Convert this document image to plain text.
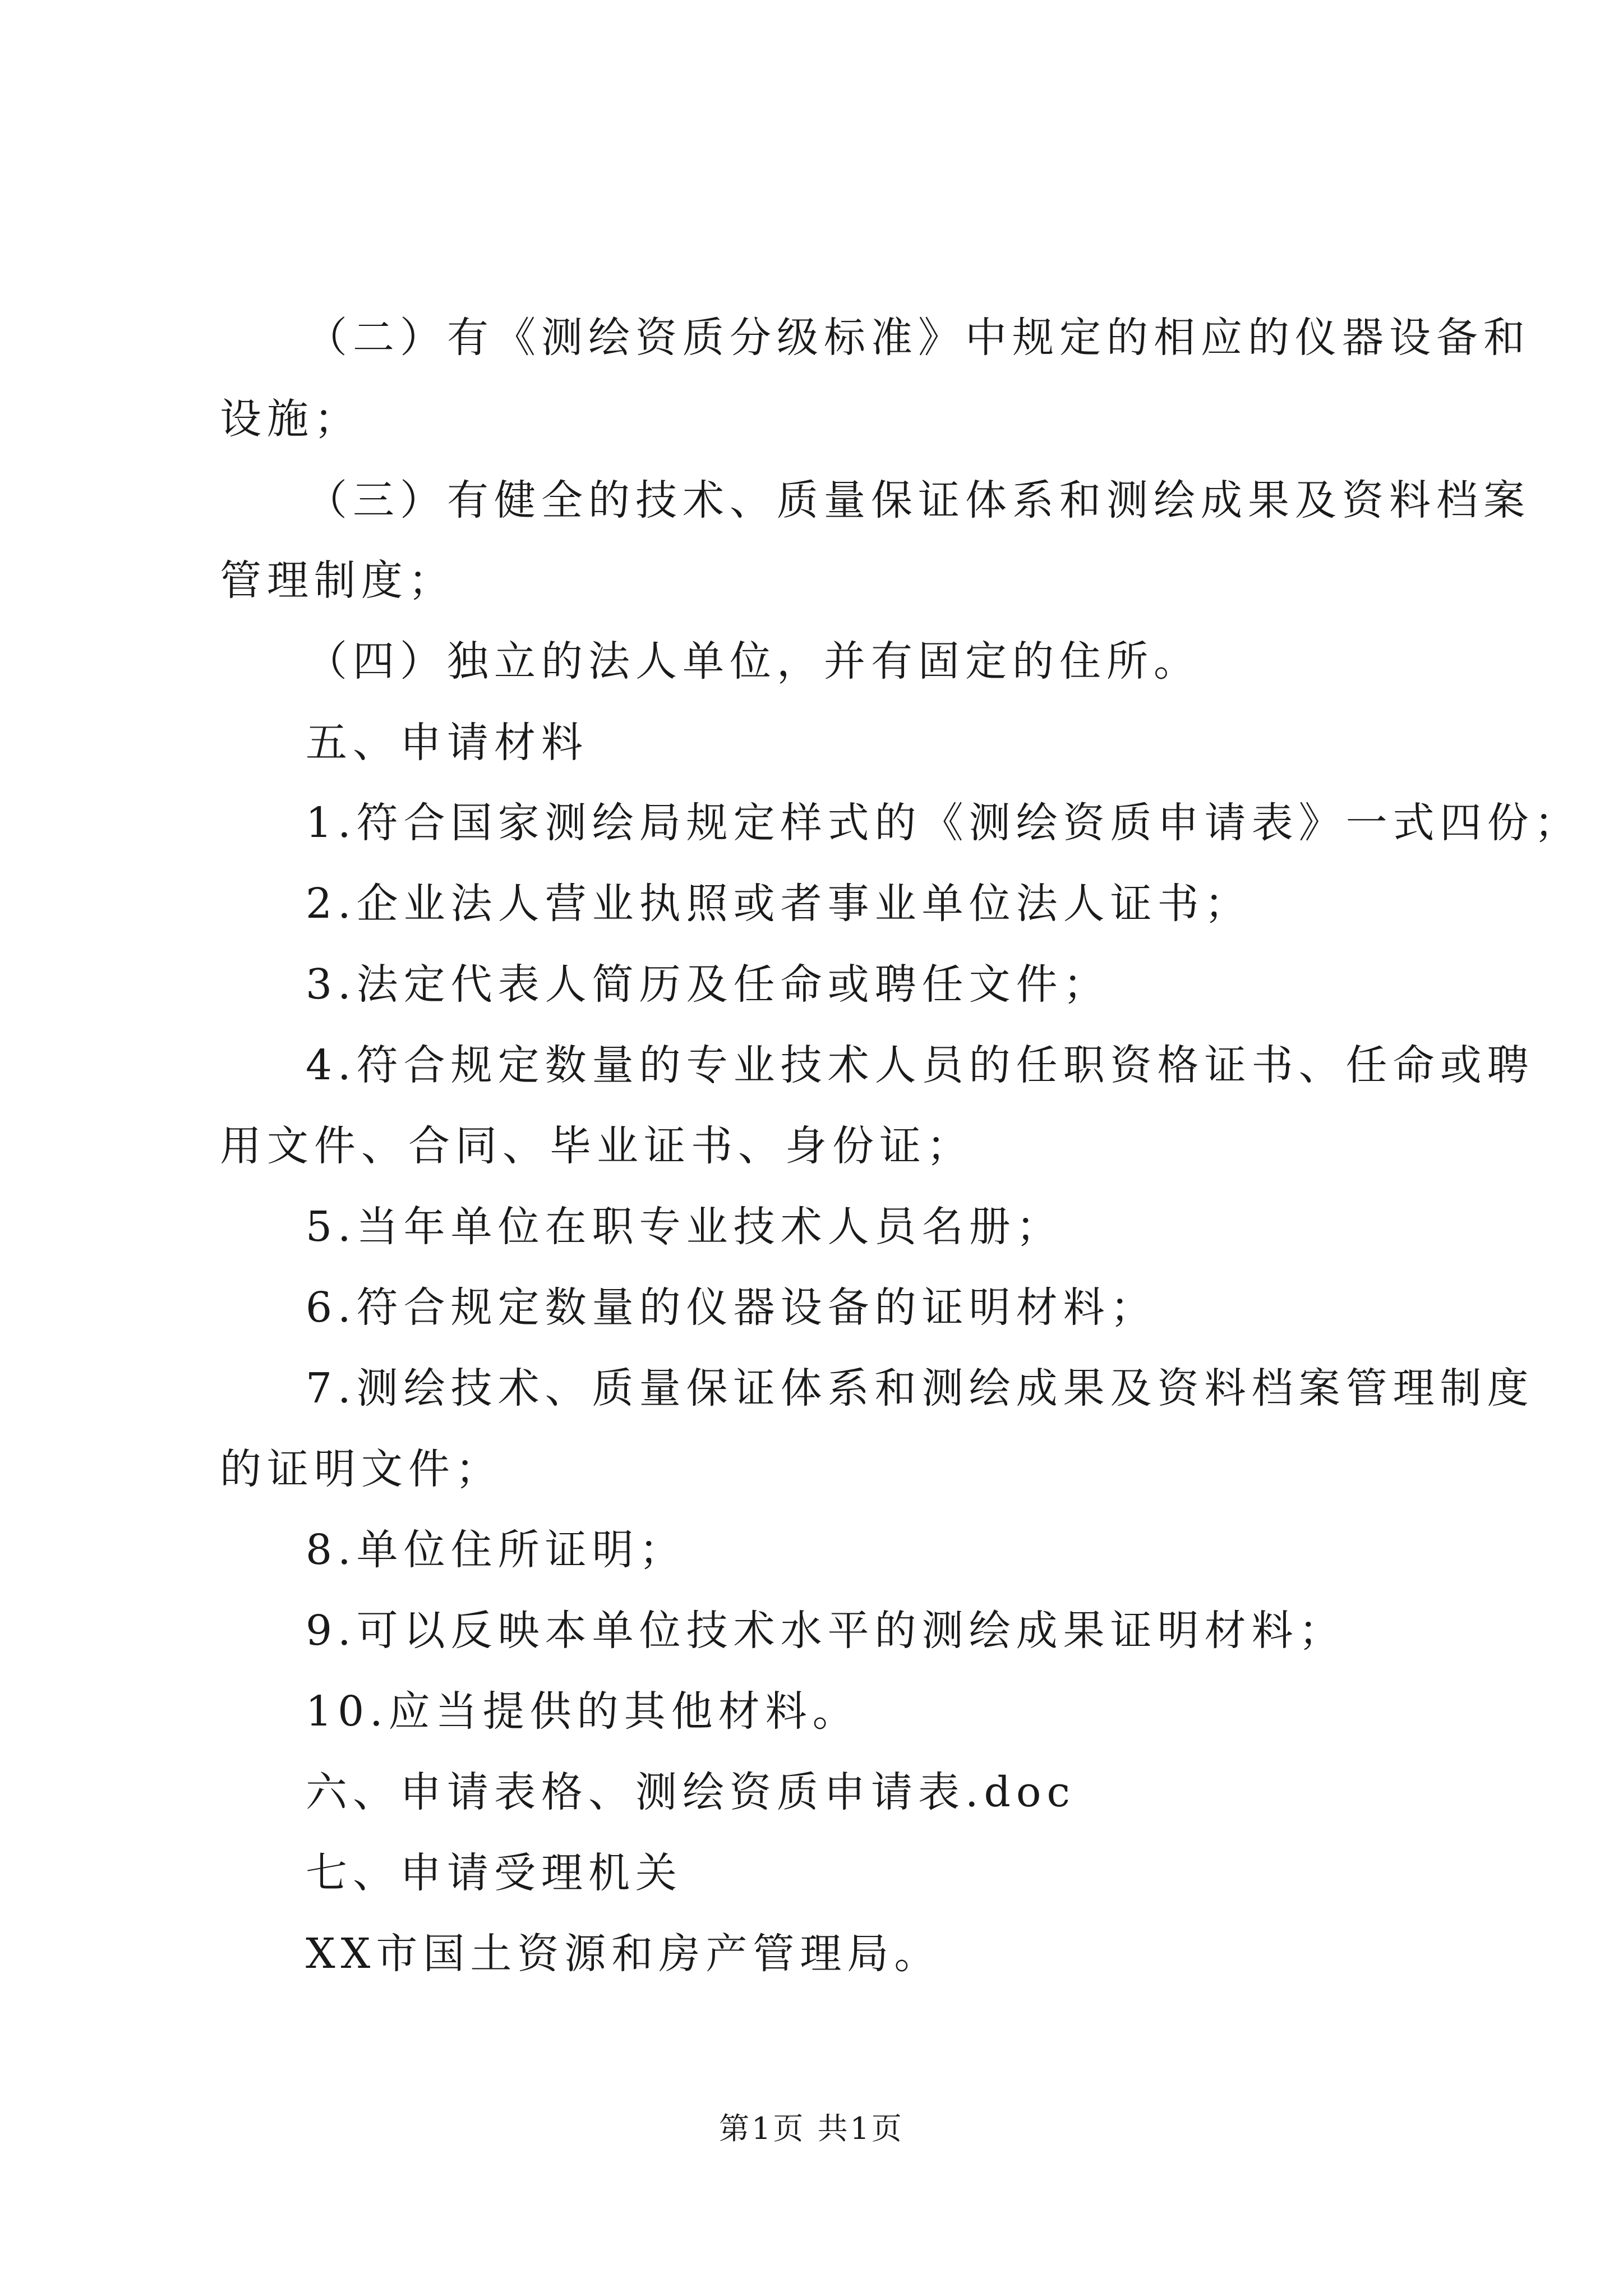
（二）有《测绘资质分级标准》中规定的相应的仪器设备和
设施；
（三）有健全的技术、质量保证体系和测绘成果及资料档案
管理制度；
（四）独立的法人单位，并有固定的住所。
五、申请材料
1.符合国家测绘局规定样式的《测绘资质申请表》一式四份；
2.企业法人营业执照或者事业单位法人证书；
3.法定代表人简历及任命或聘任文件；
4.符合规定数量的专业技术人员的任职资格证书、任命或聘
用文件、合同、毕业证书、身份证；
5.当年单位在职专业技术人员名册；
6.符合规定数量的仪器设备的证明材料；
7.测绘技术、质量保证体系和测绘成果及资料档案管理制度
的证明文件；
8.单位住所证明；
9.可以反映本单位技术水平的测绘成果证明材料；
10.应当提供的其他材料。
六、申请表格、测绘资质申请表.doc
七、申请受理机关
XX市国土资源和房产管理局。
第1页 共1页
